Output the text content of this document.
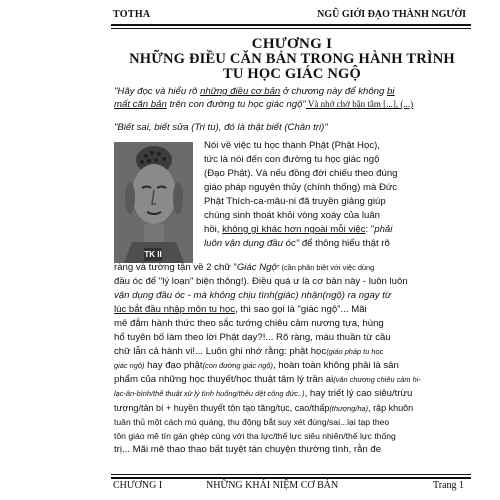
TOTHA	NGŨ GIỚI ĐẠO THÀNH NGƯỜI
CHƯƠNG I
NHỮNG ĐIỀU CĂN BẢN TRONG HÀNH TRÌNH
TU HỌC GIÁC NGỘ
"Hãy đọc và hiểu rõ những điều cơ bản ở chương này để không bị
mất căn bản trên con đường tu học giác ngộ" Và nhớ chớ bận tâm [...], (...)
"Biết sai, biết sửa (Tri tu), đó là thật biết (Chân tri)"
TK II
Nói về việc tu học thành Phật (Phật Học),
tức là nói đến con đường tu học giác ngộ
(Đạo Phật). Và nếu đồng đời chiếu theo đúng
giáo pháp nguyên thủy (chính thống) mà Đức
Phật Thích-ca-mâu-ni đã truyền giảng giúp
chúng sinh thoát khỏi vòng xoáy của luân
hồi, không gì khác hơn ngoài mỗi việc: "phải
luôn vận dụng đầu óc" để thông hiểu thật rõ
ràng và tường tận về 2 chữ "Giác Ngộ" (cần phân biệt với việc dùng
đầu óc để "lý loạn" biện thông!). Điều quá ư là cơ bản này - luôn luôn
vận dụng đầu óc - mà không chịu tình(giác) nhận(ngộ) ra ngay từ
lúc bắt đầu nhập môn tu học, thì sao gọi là "giác ngộ"... Mãi
mê đắm hành thức theo sắc tướng chiêu cảm nương tựa, hùng
hổ tuyên bố làm theo lời Phật dạy?!... Rõ ràng, máu thuần từ cầu
chữ lẫn cả hành vi!... Luôn ghi nhớ rằng: phật học(giáo pháp tu học
giác ngộ) hay đạo phật(con đường giác ngộ), hoàn toàn không phải là sản
phẩm của những học thuyết/học thuật tâm lý trần ai(văn chương chiêu cảm hi-
lạc-ân-bình/thế thuật xử lý tình huống/thêu dệt công đức..), hay triết lý cao siêu/trừu
tượng/tản bí + huyền thuyết tôn tạo tăng/tục, cao/thấp(thượng/hạ), rập khuôn
tuân thủ một cách mù quáng, thu động bắt suy xét đúng/sai...lại tạp theo
tôn giáo mê tín gán ghép cùng với tha lực/thế lực siêu nhiên/thế lực thống
trị... Mãi mê thao thao bất tuyệt tán chuyện thường tình, rằn đe
CHƯƠNG I	NHỮNG KHÁI NIỆM CƠ BẢN	Trang 1
